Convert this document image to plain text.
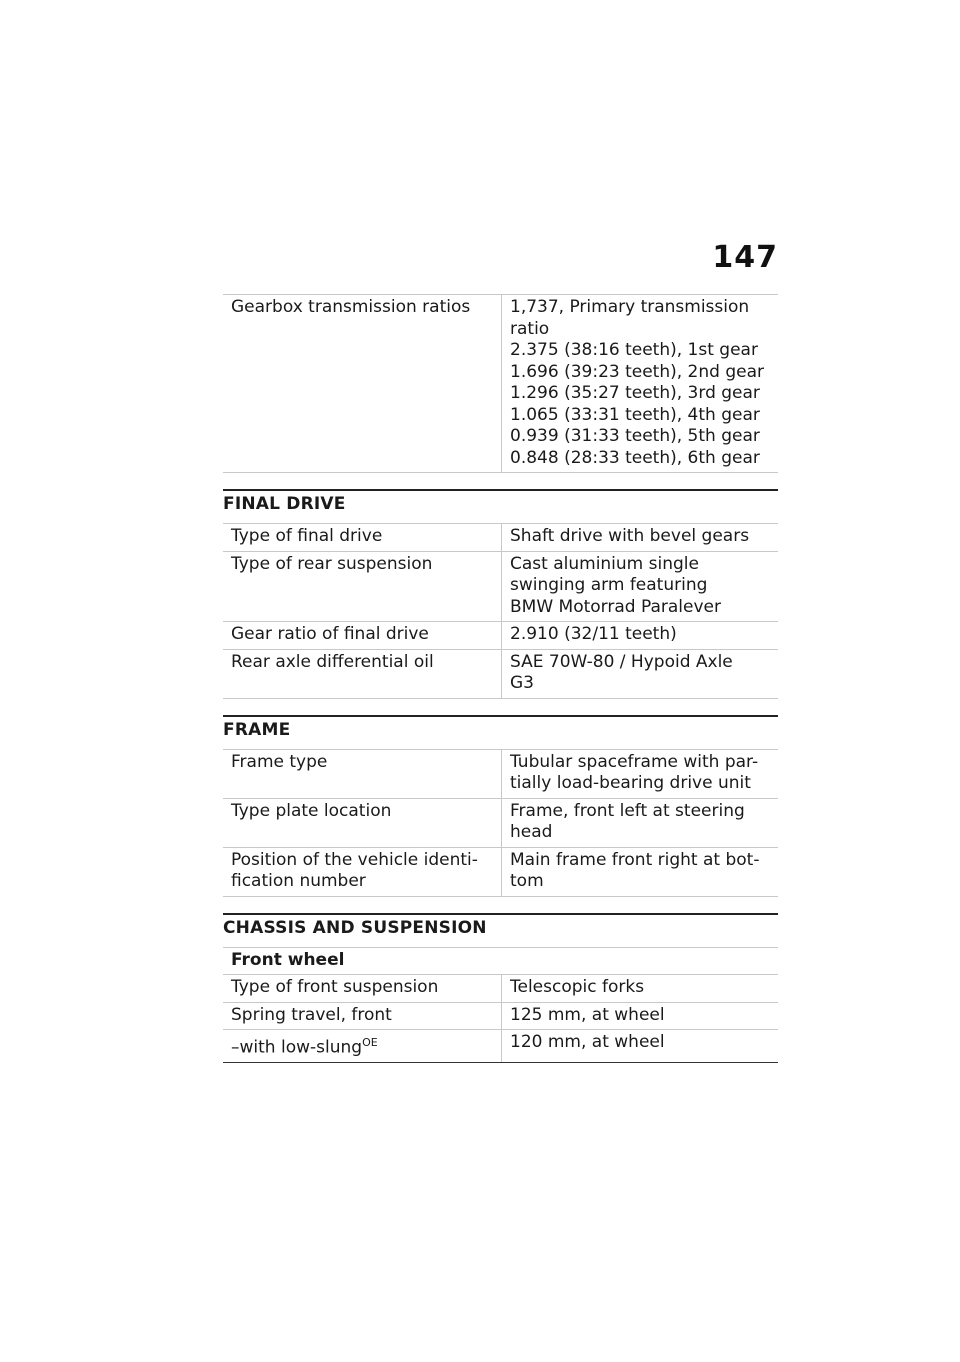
147
Gearbox transmission ratios	1,737, Primary transmission
ratio
2.375 (38:16 teeth), 1st gear
1.696 (39:23 teeth), 2nd gear
1.296 (35:27 teeth), 3rd gear
1.065 (33:31 teeth), 4th gear
0.939 (31:33 teeth), 5th gear
0.848 (28:33 teeth), 6th gear
FINAL DRIVE
Type of final drive	Shaft drive with bevel gears
Type of rear suspension	Cast aluminium single
swinging arm featuring
BMW Motorrad Paralever
Gear ratio of final drive	2.910 (32/11 teeth)
Rear axle differential oil	SAE 70W-80 / Hypoid Axle
G3
FRAME
Frame type	Tubular spaceframe with par-
tially load-bearing drive unit
Type plate location	Frame, front left at steering
head
Position of the vehicle identi-
fication number	Main frame front right at bot-
tom
CHASSIS AND SUSPENSION
Front wheel	
Type of front suspension	Telescopic forks
Spring travel, front	125 mm, at wheel
–with low-slung$^{OE}$	120 mm, at wheel
